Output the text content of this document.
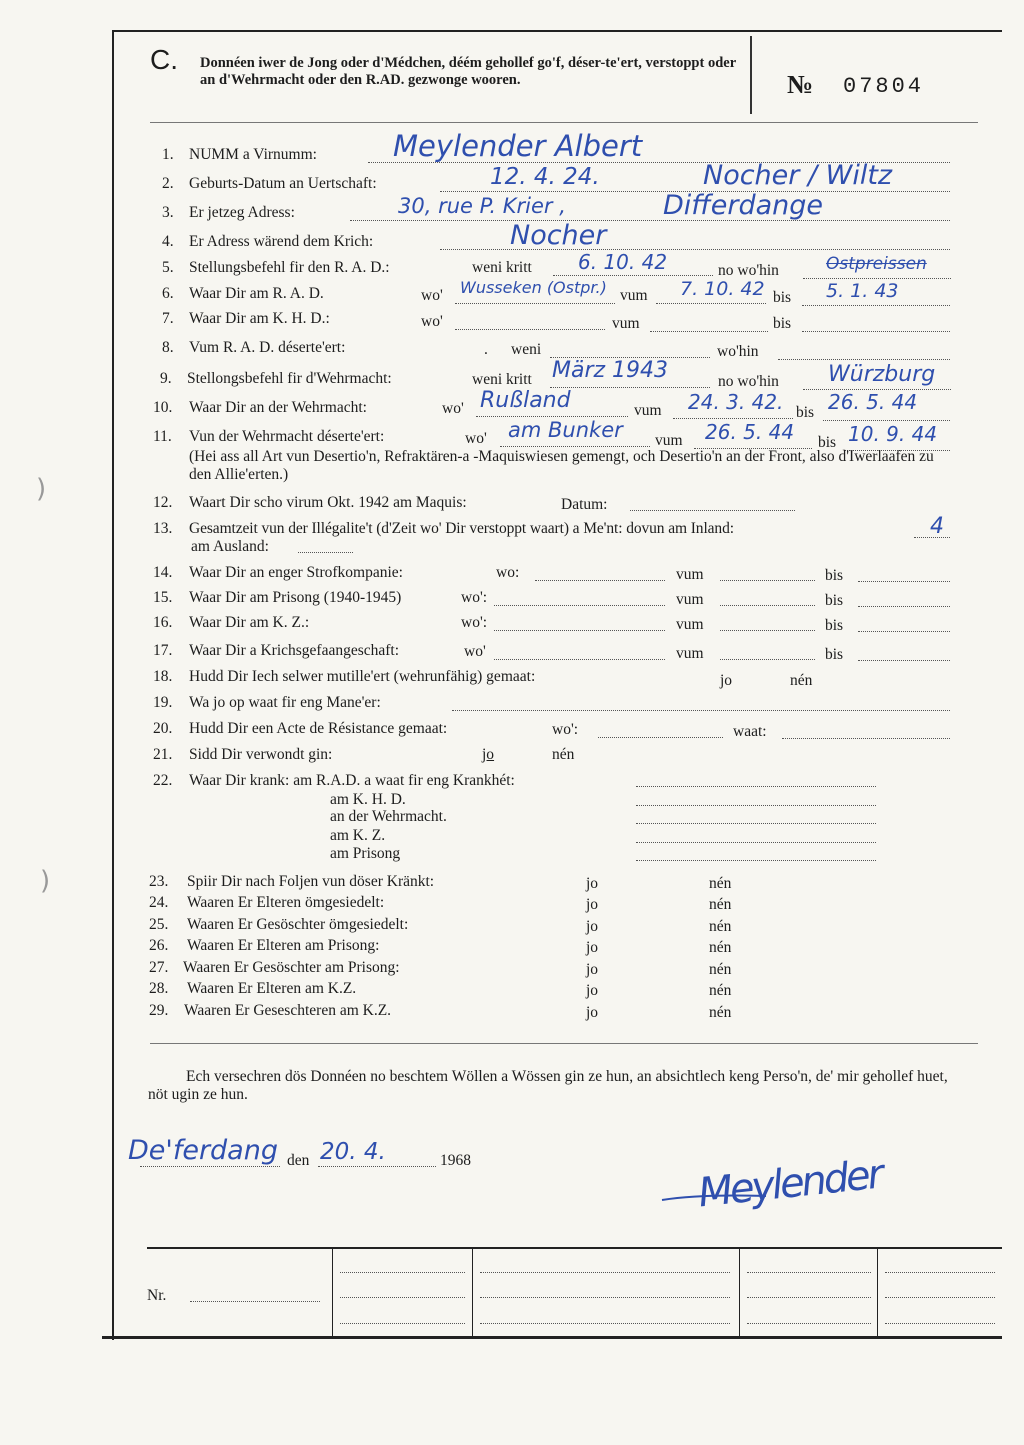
C. Donnéen iwer de Jong oder d'Médchen, déém gehollef go'f, déser-te'ert, verstoppt oder an d'Wehrmacht oder den R.AD. gezwonge wooren.	№ 07804
1. NUMM a Virnumm:	Meylender Albert
2. Geburts-Datum an Uertschaft:	12. 4. 24.	Nocher / Wiltz
3. Er jetzeg Adress:	30, rue P. Krier ,	Differdange
4. Er Adress wärend dem Krich:	Nocher
5. Stellungsbefehl fir den R. A. D.:	weni kritt 6. 10. 42	no wo'hin	Ostpreissen
6. Waar Dir am R. A. D.	wo' Wusseken (Ostpr.) vum 7. 10. 42 bis 5. 1. 43
7. Waar Dir am K. H. D.:	wo'	vum	bis
8. Vum R. A. D. déserte'ert:	. weni	wo'hin
9. Stellongsbefehl fir d'Wehrmacht:	weni kritt März 1943	no wo'hin Würzburg
10. Waar Dir an der Wehrmacht:	wo' Rußland	vum 24. 3. 42. bis 26. 5. 44
11. Vun der Wehrmacht déserte'ert:	wo' am Bunker vum 26. 5. 44 bis 10. 9. 44
(Hei ass all Art vun Desertio'n, Refraktären-a -Maquiswiesen gemengt, och Desertio'n an der Front, also d'Iwerlaafen zu den Allie'erten.)
12. Waart Dir scho virum Okt. 1942 am Maquis:	Datum:
13. Gesamtzeit vun der Illégalite't (d'Zeit wo' Dir verstoppt waart) a Me'nt: dovun am Inland:	4
am Ausland:
14. Waar Dir an enger Strofkompanie:	wo:	vum	bis
15. Waar Dir am Prisong (1940-1945)	wo':	vum	bis
16. Waar Dir am K. Z.:	wo':	vum	bis
17. Waar Dir a Krichsgefaangeschaft:	wo'	vum	bis
18. Hudd Dir Iech selwer mutille'ert (wehrunfähig) gemaat:	jo	nén
19. Wa jo op waat fir eng Mane'er:
20. Hudd Dir een Acte de Résistance gemaat:	wo':	waat:
21. Sidd Dir verwondt gin:	jo	nén
22. Waar Dir krank: am R.A.D. a waat fir eng Krankhét:
am K. H. D.
an der Wehrmacht.
am K. Z.
am Prisong
23. Spiir Dir nach Foljen vun döser Kränkt:	jo	nén
24. Waaren Er Elteren ömgesiedelt:	jo	nén
25. Waaren Er Gesöschter ömgesiedelt:	jo	nén
26. Waaren Er Elteren am Prisong:	jo	nén
27. Waaren Er Gesöschter am Prisong:	jo	nén
28. Waaren Er Elteren am K.Z.	jo	nén
29. Waaren Er Geseschteren am K.Z.	jo	nén
Ech versechren dös Donnéen no beschtem Wöllen a Wössen gin ze hun, an absichtlech keng Perso'n, de' mir gehollef huet, nöt ugin ze hun.
De'ferdang den 20. 4.	1968	Meylender
Nr.
)
)
